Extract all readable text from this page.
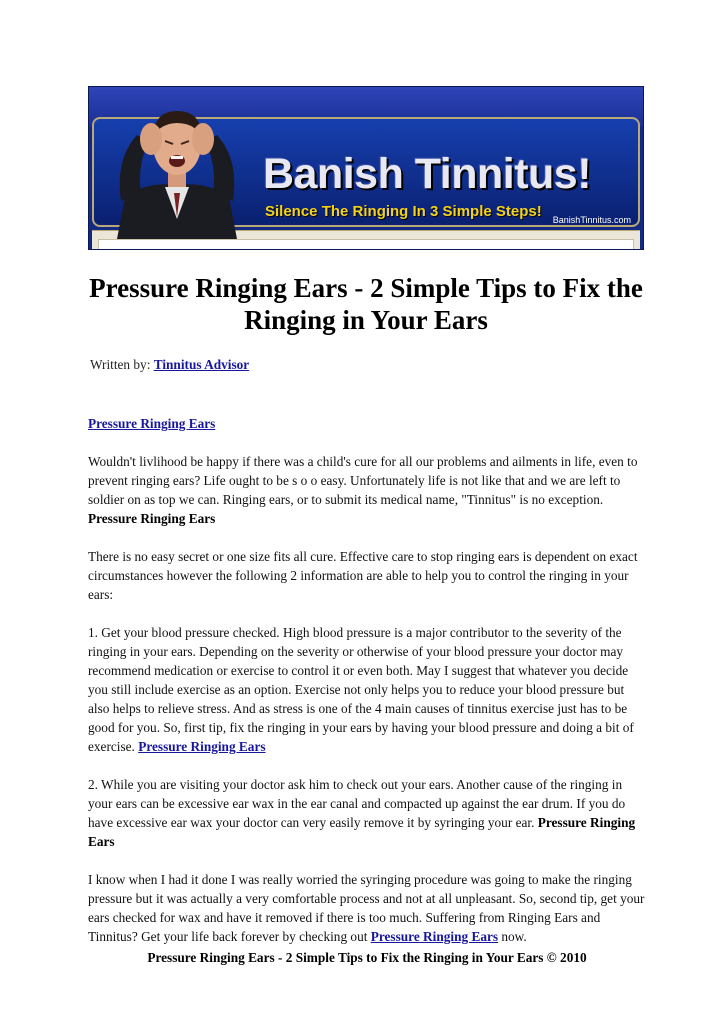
Banish Tinnitus!
Silence The Ringing In 3 Simple Steps! BanishTinnitus.com
Pressure Ringing Ears - 2 Simple Tips to Fix the Ringing in Your Ears
Written by: Tinnitus Advisor

Pressure Ringing Ears

Wouldn't livlihood be happy if there was a child's cure for all our problems and ailments in life, even to prevent ringing ears? Life ought to be s o o easy. Unfortunately life is not like that and we are left to soldier on as top we can. Ringing ears, or to submit its medical name, "Tinnitus" is no exception. Pressure Ringing Ears

There is no easy secret or one size fits all cure. Effective care to stop ringing ears is dependent on exact circumstances however the following 2 information are able to help you to control the ringing in your ears:

1. Get your blood pressure checked. High blood pressure is a major contributor to the severity of the ringing in your ears. Depending on the severity or otherwise of your blood pressure your doctor may recommend medication or exercise to control it or even both. May I suggest that whatever you decide you still include exercise as an option. Exercise not only helps you to reduce your blood pressure but also helps to relieve stress. And as stress is one of the 4 main causes of tinnitus exercise just has to be good for you. So, first tip, fix the ringing in your ears by having your blood pressure and doing a bit of exercise. Pressure Ringing Ears

2. While you are visiting your doctor ask him to check out your ears. Another cause of the ringing in your ears can be excessive ear wax in the ear canal and compacted up against the ear drum. If you do have excessive ear wax your doctor can very easily remove it by syringing your ear. Pressure Ringing Ears

I know when I had it done I was really worried the syringing procedure was going to make the ringing pressure but it was actually a very comfortable process and not at all unpleasant. So, second tip, get your ears checked for wax and have it removed if there is too much. Suffering from Ringing Ears and Tinnitus? Get your life back forever by checking out Pressure Ringing Ears now.

Pressure Ringing Ears - 2 Simple Tips to Fix the Ringing in Your Ears © 2010
